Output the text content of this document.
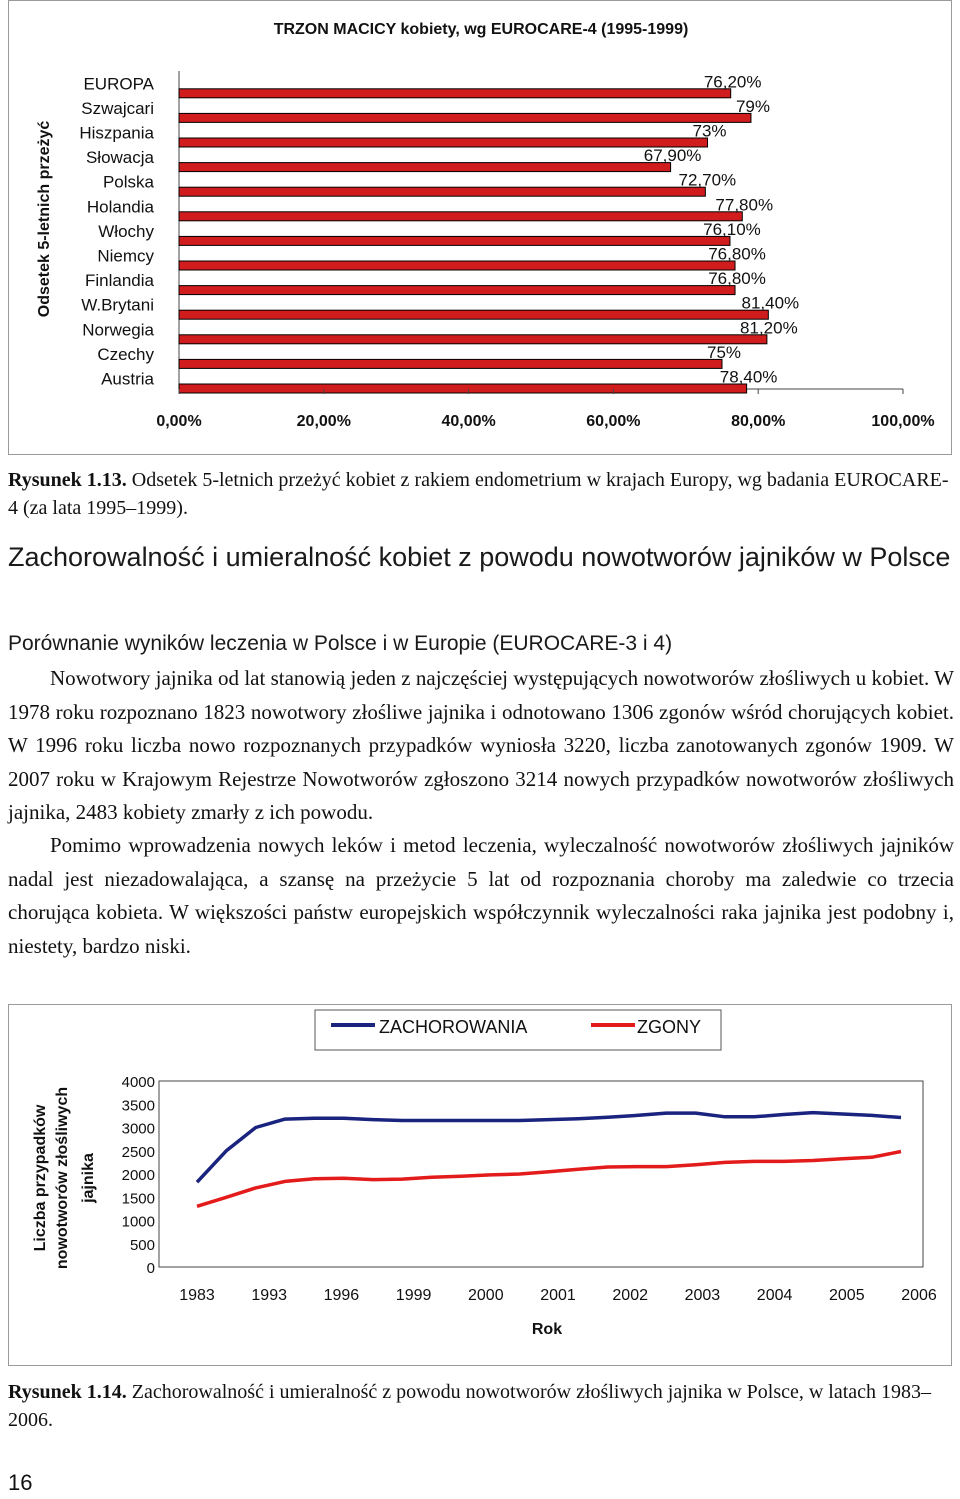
TRZON MACICY kobiety, wg EUROCARE-4 (1995-1999)
Odsetek 5-letnich przeżyć
EUROPA
Szwajcari
Hiszpania
Słowacja
Polska
Holandia
Włochy
Niemcy
Finlandia
W.Brytani
Norwegia
Czechy
Austria
76,20%
79%
73%
67,90%
72,70%
77,80%
76,10%
76,80%
76,80%
81,40%
81,20%
75%
78,40%
0,00%	20,00%	40,00%	60,00%	80,00%	100,00%
Rysunek 1.13. Odsetek 5-letnich przeżyć kobiet z rakiem endometrium w krajach Europy, wg badania EUROCARE-4 (za lata 1995–1999).
Zachorowalność i umieralność kobiet z powodu nowotworów jajników w Polsce
Porównanie wyników leczenia w Polsce i w Europie (EUROCARE-3 i 4)
Nowotwory jajnika od lat stanowią jeden z najczęściej występujących nowotworów złośliwych u kobiet. W 1978 roku rozpoznano 1823 nowotwory złośliwe jajnika i odnotowano 1306 zgonów wśród chorujących kobiet. W 1996 roku liczba nowo rozpoznanych przypadków wyniosła 3220, liczba zanotowanych zgonów 1909. W 2007 roku w Krajowym Rejestrze Nowotworów zgłoszono 3214 nowych przypadków nowotworów złośliwych jajnika, 2483 kobiety zmarły z ich powodu.
Pomimo wprowadzenia nowych leków i metod leczenia, wyleczalność nowotworów złośliwych jajników nadal jest niezadowalająca, a szansę na przeżycie 5 lat od rozpoznania choroby ma zaledwie co trzecia chorująca kobieta. W większości państw europejskich współczynnik wyleczalności raka jajnika jest podobny i, niestety, bardzo niski.
ZACHOROWANIA	ZGONY
Liczba przypadków nowotworów złośliwych jajnika
4000
3500
3000
2500
2000
1500
1000
500
0
1983 1993 1996 1999 2000 2001 2002 2003 2004 2005 2006
Rok
Rysunek 1.14. Zachorowalność i umieralność z powodu nowotworów złośliwych jajnika w Polsce, w latach 1983–2006.
16
